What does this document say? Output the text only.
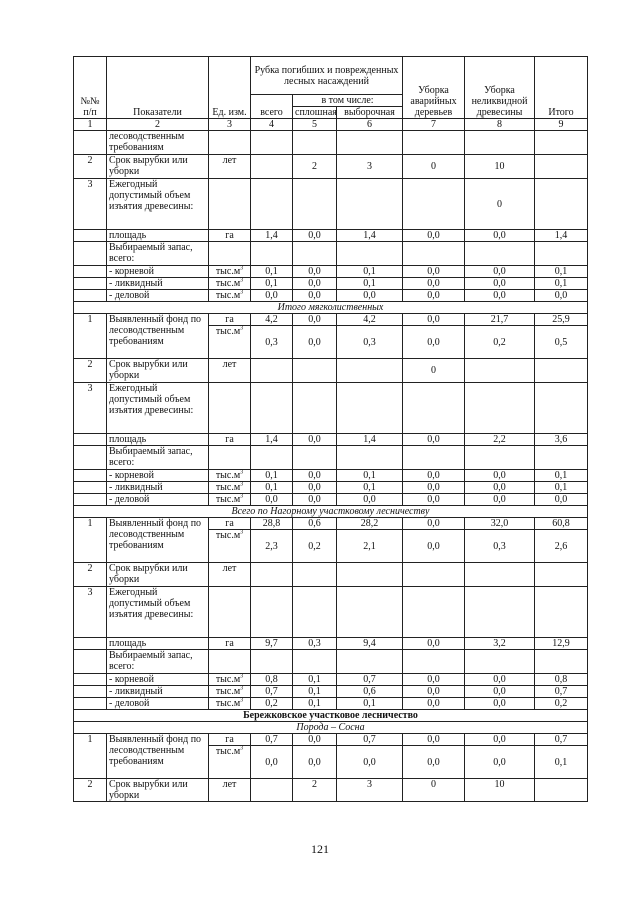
№№ п/п	Показатели	Ед. изм.	Рубка погибших и поврежденных лесных насаждений			Уборка аварийных деревьев	Уборка неликвидной древесины	Итого
			всего	в том числе:				
				сплошная	выборочная			
1	2	3	4	5	6	7	8	9
	лесоводственным требованиям							
2	Срок вырубки или уборки	лет		2	3	0	10	
3	Ежегодный допустимый объем изъятия древесины:						0	
	площадь	га	1,4	0,0	1,4	0,0	0,0	1,4
	Выбираемый запас, всего:							
	- корневой	$тыс.м^3$	0,1	0,0	0,1	0,0	0,0	0,1
	- ликвидный	$тыс.м^3$	0,1	0,0	0,1	0,0	0,0	0,1
	- деловой	$тыс.м^3$	0,0	0,0	0,0	0,0	0,0	0,0
Итого мягколиственных								
1	Выявленный фонд по лесоводственным требованиям	га	4,2	0,0	4,2	0,0	21,7	25,9
		$тыс.м^3$	0,3	0,0	0,3	0,0	0,2	0,5
2	Срок вырубки или уборки	лет				0		
3	Ежегодный допустимый объем изъятия древесины:							
	площадь	га	1,4	0,0	1,4	0,0	2,2	3,6
	Выбираемый запас, всего:							
	- корневой	$тыс.м^3$	0,1	0,0	0,1	0,0	0,0	0,1
	- ликвидный	$тыс.м^3$	0,1	0,0	0,1	0,0	0,0	0,1
	- деловой	$тыс.м^3$	0,0	0,0	0,0	0,0	0,0	0,0
Всего по Нагорному участковому лесничеству								
1	Выявленный фонд по лесоводственным требованиям	га	28,8	0,6	28,2	0,0	32,0	60,8
		$тыс.м^3$	2,3	0,2	2,1	0,0	0,3	2,6
2	Срок вырубки или уборки	лет						
3	Ежегодный допустимый объем изъятия древесины:							
	площадь	га	9,7	0,3	9,4	0,0	3,2	12,9
	Выбираемый запас, всего:							
	- корневой	$тыс.м^3$	0,8	0,1	0,7	0,0	0,0	0,8
	- ликвидный	$тыс.м^3$	0,7	0,1	0,6	0,0	0,0	0,7
	- деловой	$тыс.м^3$	0,2	0,1	0,1	0,0	0,0	0,2
Бережковское участковое лесничество								
Порода – Сосна								
1	Выявленный фонд по лесоводственным требованиям	га	0,7	0,0	0,7	0,0	0,0	0,7
		$тыс.м^3$	0,0	0,0	0,0	0,0	0,0	0,1
2	Срок вырубки или уборки	лет		2	3	0	10	
121
